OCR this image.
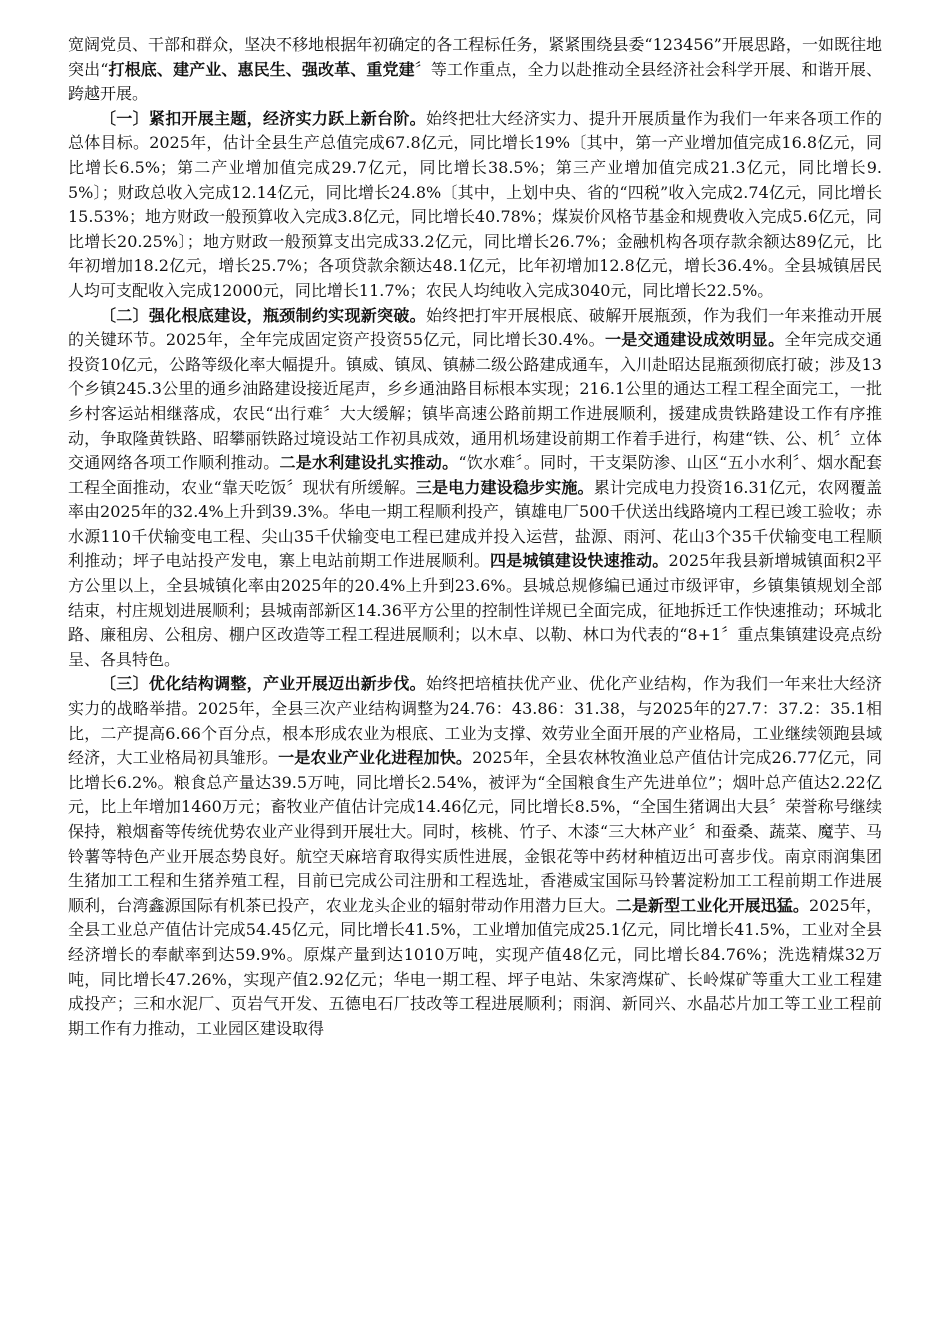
宽阔党员、干部和群众，坚决不移地根据年初确定的各工程标任务，紧紧围绕县委“123456”开展思路，一如既往地突出“打根底、建产业、惠民生、强改革、重党建〞等工作重点，全力以赴推动全县经济社会科学开展、和谐开展、跨越开展。

〔一〕紧扣开展主题，经济实力跃上新台阶。始终把壮大经济实力、提升开展质量作为我们一年来各项工作的总体目标。2025年，估计全县生产总值完成67.8亿元，同比增长19%〔其中，第一产业增加值完成16.8亿元，同比增长6.5%；第二产业增加值完成29.7亿元，同比增长38.5%；第三产业增加值完成21.3亿元，同比增长9.5%〕；财政总收入完成12.14亿元，同比增长24.8%〔其中，上划中央、省的“四税”收入完成2.74亿元，同比增长15.53%；地方财政一般预算收入完成3.8亿元，同比增长40.78%；煤炭价风格节基金和规费收入完成5.6亿元，同比增长20.25%〕；地方财政一般预算支出完成33.2亿元，同比增长26.7%；金融机构各项存款余额达89亿元，比年初增加18.2亿元，增长25.7%；各项贷款余额达48.1亿元，比年初增加12.8亿元，增长36.4%。全县城镇居民人均可支配收入完成12000元，同比增长11.7%；农民人均纯收入完成3040元，同比增长22.5%。

〔二〕强化根底建设，瓶颈制约实现新突破。始终把打牢开展根底、破解开展瓶颈，作为我们一年来推动开展的关键环节。2025年，全年完成固定资产投资55亿元，同比增长30.4%。一是交通建设成效明显。全年完成交通投资10亿元，公路等级化率大幅提升。镇威、镇凤、镇赫二级公路建成通车，入川赴昭达昆瓶颈彻底打破；涉及13个乡镇245.3公里的通乡油路建设接近尾声，乡乡通油路目标根本实现；216.1公里的通达工程工程全面完工，一批乡村客运站相继落成，农民“出行难〞大大缓解；镇毕高速公路前期工作进展顺利，援建成贵铁路建设工作有序推动，争取隆黄铁路、昭攀丽铁路过境设站工作初具成效，通用机场建设前期工作着手进行，构建“铁、公、机〞立体交通网络各项工作顺利推动。二是水利建设扎实推动。“饮水难〞。同时，干支渠防渗、山区“五小水利〞、烟水配套工程全面推动，农业“靠天吃饭〞现状有所缓解。三是电力建设稳步实施。累计完成电力投资16.31亿元，农网覆盖率由2025年的32.4%上升到39.3%。华电一期工程顺利投产，镇雄电厂500千伏送出线路境内工程已竣工验收；赤水源110千伏输变电工程、尖山35千伏输变电工程已建成并投入运营，盐源、雨河、花山3个35千伏输变电工程顺利推动；坪子电站投产发电，寨上电站前期工作进展顺利。四是城镇建设快速推动。2025年我县新增城镇面积2平方公里以上，全县城镇化率由2025年的20.4%上升到23.6%。县城总规修编已通过市级评审，乡镇集镇规划全部结束，村庄规划进展顺利；县城南部新区14.36平方公里的控制性详规已全面完成，征地拆迁工作快速推动；环城北路、廉租房、公租房、棚户区改造等工程工程进展顺利；以木卓、以勒、林口为代表的“8+1〞重点集镇建设亮点纷呈、各具特色。

〔三〕优化结构调整，产业开展迈出新步伐。始终把培植扶优产业、优化产业结构，作为我们一年来壮大经济实力的战略举措。2025年，全县三次产业结构调整为24.76：43.86：31.38，与2025年的27.7：37.2：35.1相比，二产提高6.66个百分点，根本形成农业为根底、工业为支撑、效劳业全面开展的产业格局，工业继续领跑县域经济，大工业格局初具雏形。一是农业产业化进程加快。2025年，全县农林牧渔业总产值估计完成26.77亿元，同比增长6.2%。粮食总产量达39.5万吨，同比增长2.54%，被评为“全国粮食生产先进单位”；烟叶总产值达2.22亿元，比上年增加1460万元；畜牧业产值估计完成14.46亿元，同比增长8.5%，“全国生猪调出大县〞荣誉称号继续保持，粮烟畜等传统优势农业产业得到开展壮大。同时，核桃、竹子、木漆“三大林产业〞和蚕桑、蔬菜、魔芋、马铃薯等特色产业开展态势良好。航空天麻培育取得实质性进展，金银花等中药材种植迈出可喜步伐。南京雨润集团生猪加工工程和生猪养殖工程，目前已完成公司注册和工程选址，香港威宝国际马铃薯淀粉加工工程前期工作进展顺利，台湾鑫源国际有机茶已投产，农业龙头企业的辐射带动作用潜力巨大。二是新型工业化开展迅猛。2025年，全县工业总产值估计完成54.45亿元，同比增长41.5%，工业增加值完成25.1亿元，同比增长41.5%，工业对全县经济增长的奉献率到达59.9%。原煤产量到达1010万吨，实现产值48亿元，同比增长84.76%；洗选精煤32万吨，同比增长47.26%，实现产值2.92亿元；华电一期工程、坪子电站、朱家湾煤矿、长岭煤矿等重大工业工程建成投产；三和水泥厂、页岩气开发、五德电石厂技改等工程进展顺利；雨润、新同兴、水晶芯片加工等工业工程前期工作有力推动，工业园区建设取得
